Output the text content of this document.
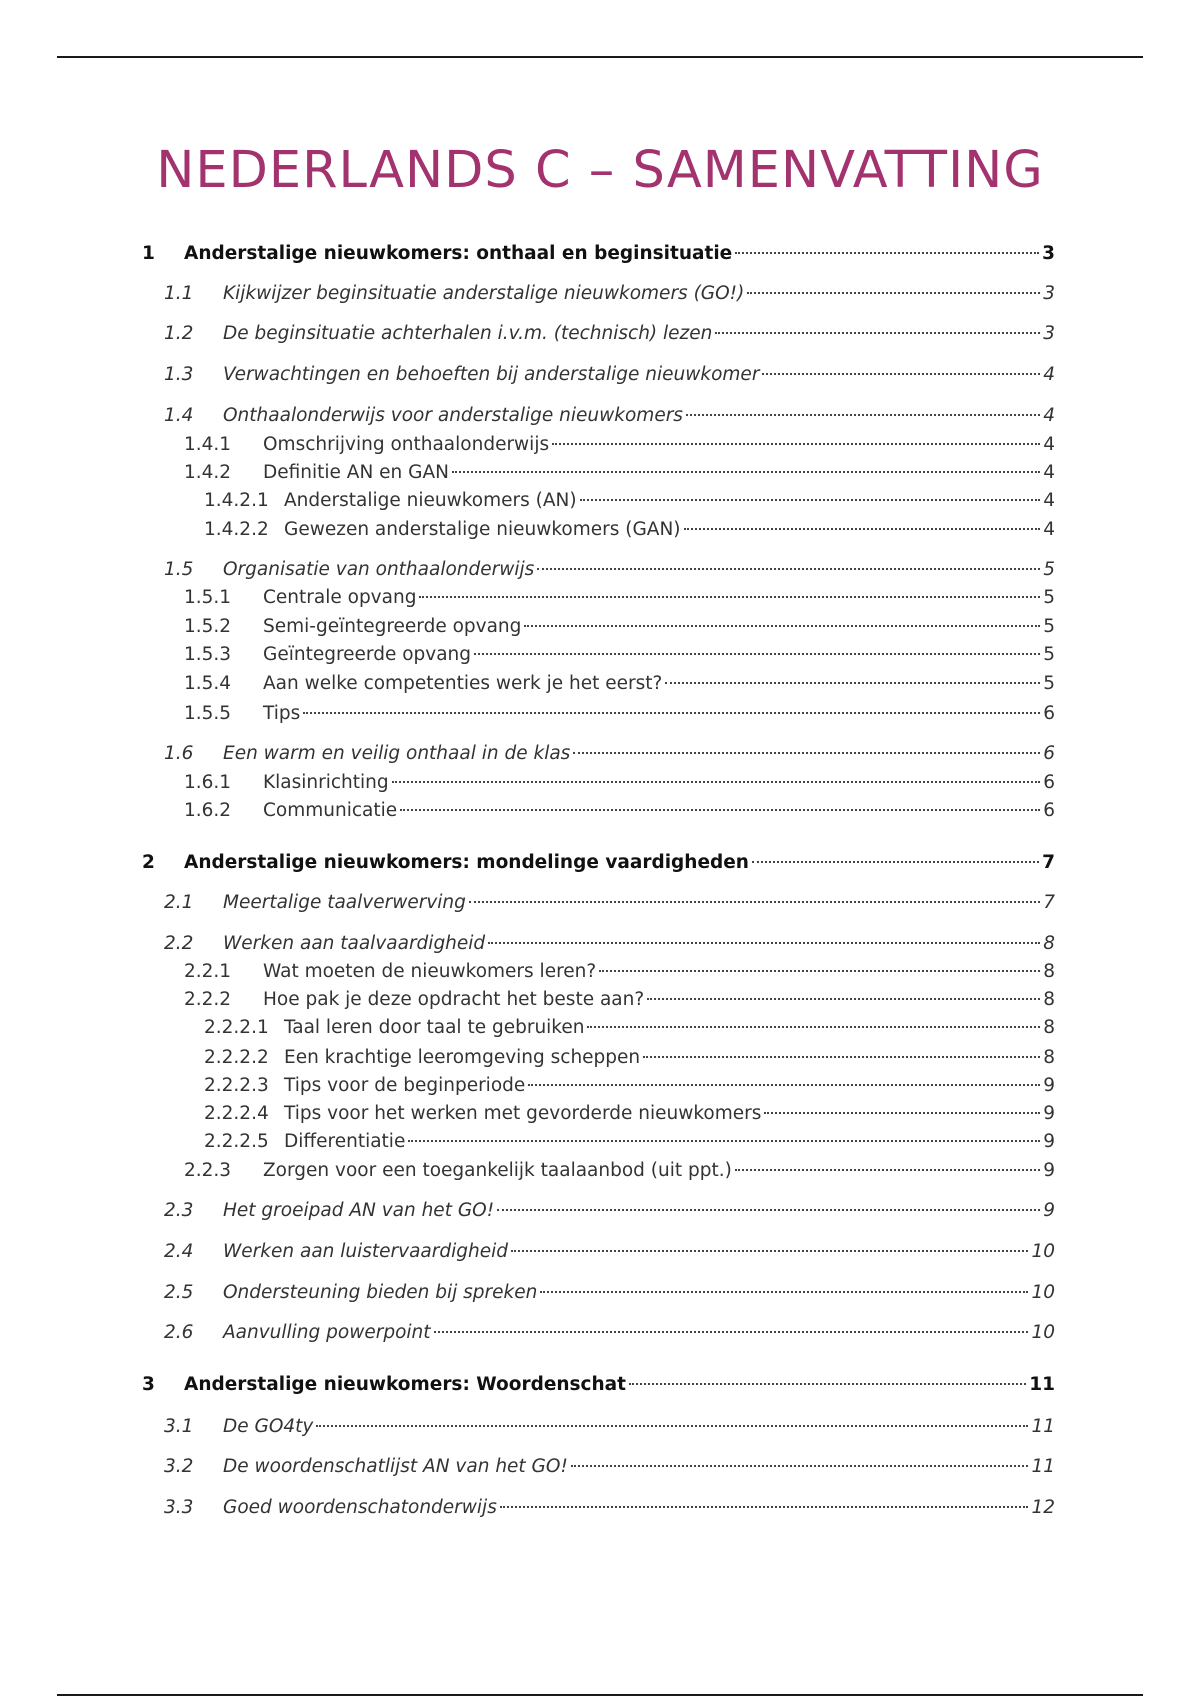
NEDERLANDS C – SAMENVATTING
1	Anderstalige nieuwkomers: onthaal en beginsituatie	3
1.1	Kijkwijzer beginsituatie anderstalige nieuwkomers (GO!)	3
1.2	De beginsituatie achterhalen i.v.m. (technisch) lezen	3
1.3	Verwachtingen en behoeften bij anderstalige nieuwkomer	4
1.4	Onthaalonderwijs voor anderstalige nieuwkomers	4
1.4.1	Omschrijving onthaalonderwijs	4
1.4.2	Definitie AN en GAN	4
1.4.2.1 Anderstalige nieuwkomers (AN)	4
1.4.2.2 Gewezen anderstalige nieuwkomers (GAN)	4
1.5	Organisatie van onthaalonderwijs	5
1.5.1	Centrale opvang	5
1.5.2	Semi-geïntegreerde opvang	5
1.5.3	Geïntegreerde opvang	5
1.5.4	Aan welke competenties werk je het eerst?	5
1.5.5	Tips	6
1.6	Een warm en veilig onthaal in de klas	6
1.6.1	Klasinrichting	6
1.6.2	Communicatie	6
2	Anderstalige nieuwkomers: mondelinge vaardigheden	7
2.1	Meertalige taalverwerving	7
2.2	Werken aan taalvaardigheid	8
2.2.1	Wat moeten de nieuwkomers leren?	8
2.2.2	Hoe pak je deze opdracht het beste aan?	8
2.2.2.1 Taal leren door taal te gebruiken	8
2.2.2.2 Een krachtige leeromgeving scheppen	8
2.2.2.3 Tips voor de beginperiode	9
2.2.2.4 Tips voor het werken met gevorderde nieuwkomers	9
2.2.2.5 Differentiatie	9
2.2.3	Zorgen voor een toegankelijk taalaanbod (uit ppt.)	9
2.3	Het groeipad AN van het GO!	9
2.4	Werken aan luistervaardigheid	10
2.5	Ondersteuning bieden bij spreken	10
2.6	Aanvulling powerpoint	10
3	Anderstalige nieuwkomers: Woordenschat	11
3.1	De GO4ty	11
3.2	De woordenschatlijst AN van het GO!	11
3.3	Goed woordenschatonderwijs	12
